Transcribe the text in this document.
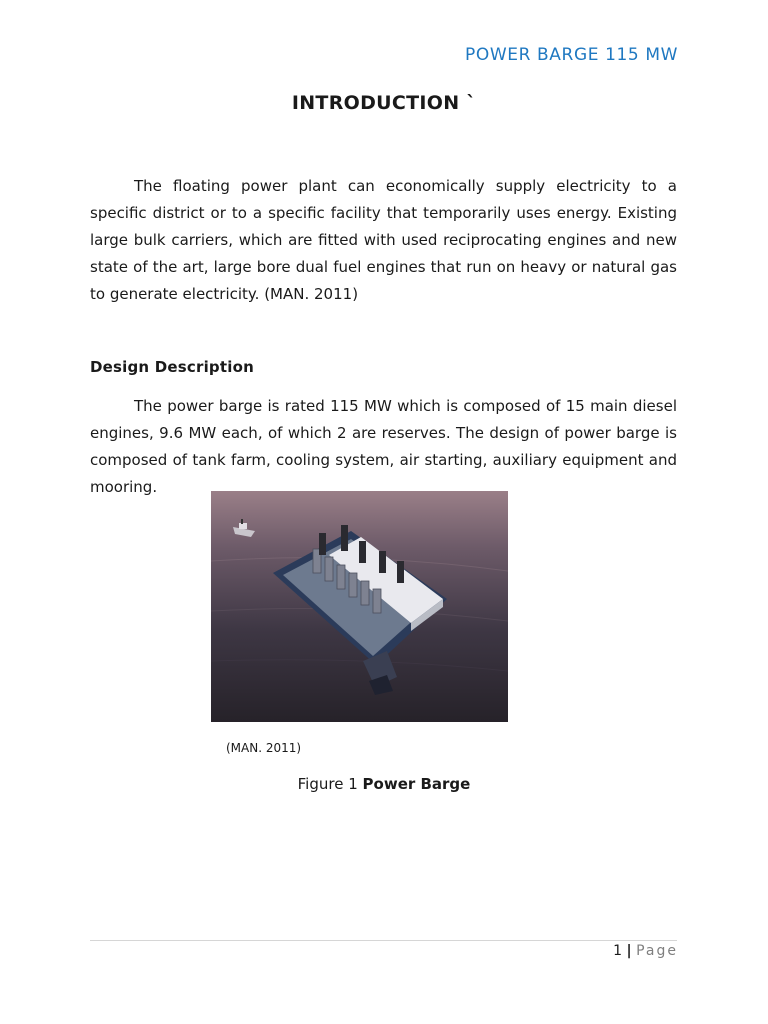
POWER BARGE 115 MW
INTRODUCTION `

The floating power plant can economically supply electricity to a specific district or to a specific facility that temporarily uses energy. Existing large bulk carriers, which are fitted with used reciprocating engines and new state of the art, large bore dual fuel engines that run on heavy or natural gas to generate electricity. (MAN. 2011)

Design Description

The power barge is rated 115 MW which is composed of 15 main diesel engines, 9.6 MW each, of which 2 are reserves. The design of power barge is composed of tank farm, cooling system, air starting, auxiliary equipment and mooring.

(MAN. 2011)
Figure 1 Power Barge
1 | Page
